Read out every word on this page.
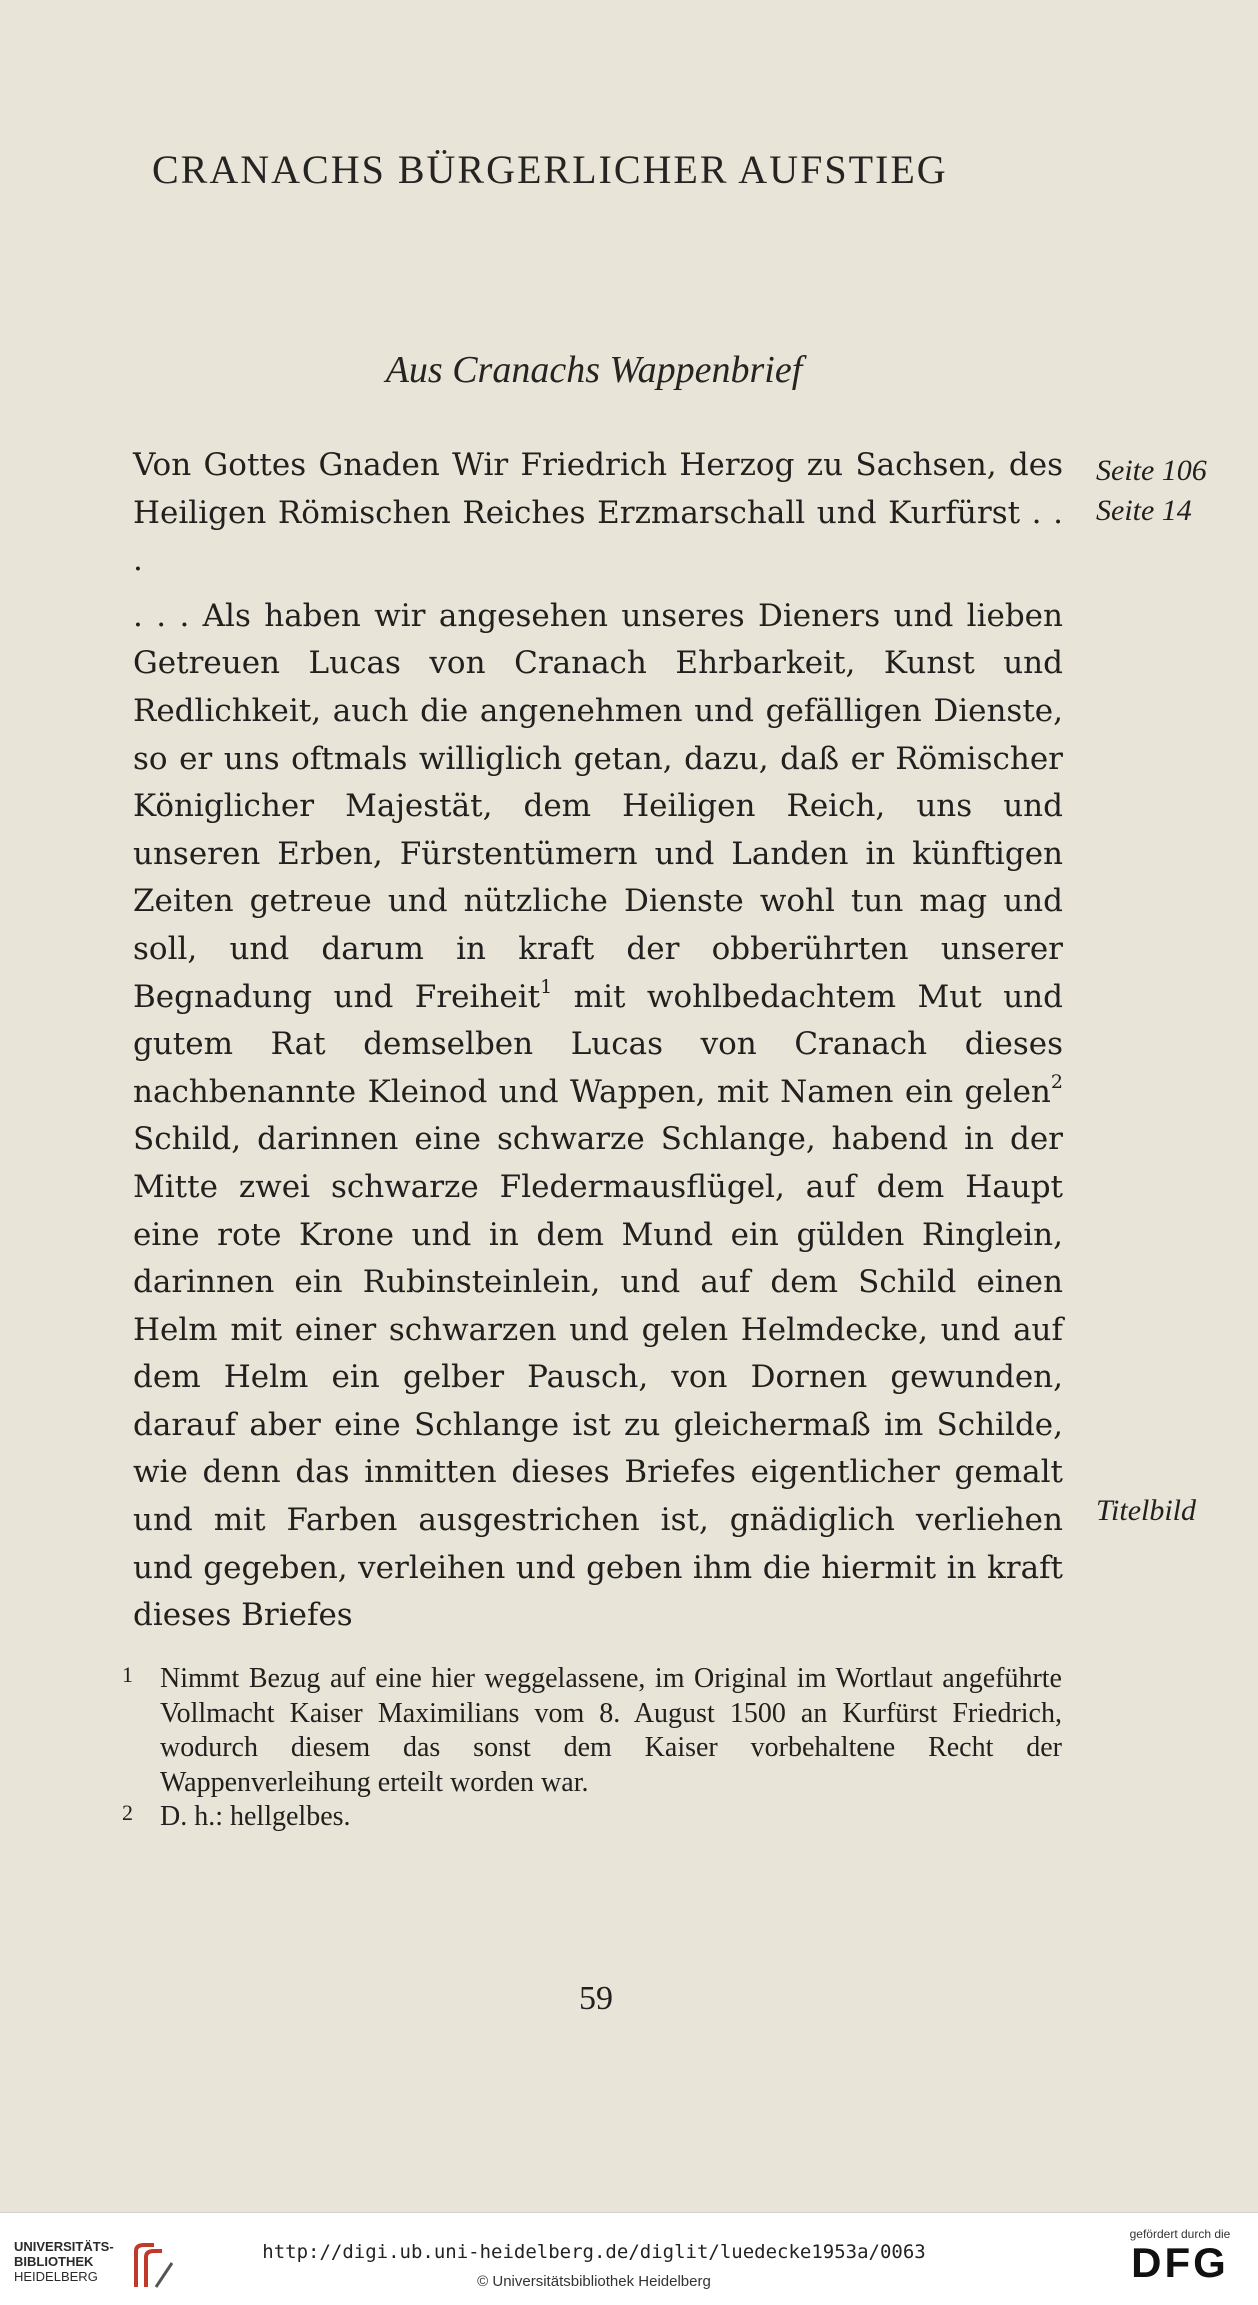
CRANACHS BÜRGERLICHER AUFSTIEG
Aus Cranachs Wappenbrief

Von Gottes Gnaden Wir Friedrich Herzog zu Sachsen, des Heiligen Römischen Reiches Erzmarschall und Kurfürst . . .

. . . Als haben wir angesehen unseres Dieners und lieben Getreuen Lucas von Cranach Ehrbarkeit, Kunst und Redlichkeit, auch die angenehmen und gefälligen Dienste, so er uns oftmals williglich getan, dazu, daß er Römischer Königlicher Majestät, dem Heiligen Reich, uns und unseren Erben, Fürstentümern und Landen in künftigen Zeiten getreue und nützliche Dienste wohl tun mag und soll, und darum in kraft der obberührten unserer Begnadung und Freiheit$^1$ mit wohlbedachtem Mut und gutem Rat demselben Lucas von Cranach dieses nachbenannte Kleinod und Wappen, mit Namen ein gelen$^2$ Schild, darinnen eine schwarze Schlange, habend in der Mitte zwei schwarze Fledermausflügel, auf dem Haupt eine rote Krone und in dem Mund ein gülden Ringlein, darinnen ein Rubinsteinlein, und auf dem Schild einen Helm mit einer schwarzen und gelen Helmdecke, und auf dem Helm ein gelber Pausch, von Dornen gewunden, darauf aber eine Schlange ist zu gleichermaß im Schilde, wie denn das inmitten dieses Briefes eigentlicher gemalt und mit Farben ausgestrichen ist, gnädiglich verliehen und gegeben, verleihen und geben ihm die hiermit in kraft dieses Briefes

Seite 106
Seite 14
Titelbild
1 Nimmt Bezug auf eine hier weggelassene, im Original im Wortlaut angeführte Vollmacht Kaiser Maximilians vom 8. August 1500 an Kurfürst Friedrich, wodurch diesem das sonst dem Kaiser vorbehaltene Recht der Wappenverleihung erteilt worden war.
2 D. h.: hellgelbes.
59
UNIVERSITÄTS-
BIBLIOTHEK
HEIDELBERG
http://digi.ub.uni-heidelberg.de/diglit/luedecke1953a/0063
© Universitätsbibliothek Heidelberg
gefördert durch die
DFG
